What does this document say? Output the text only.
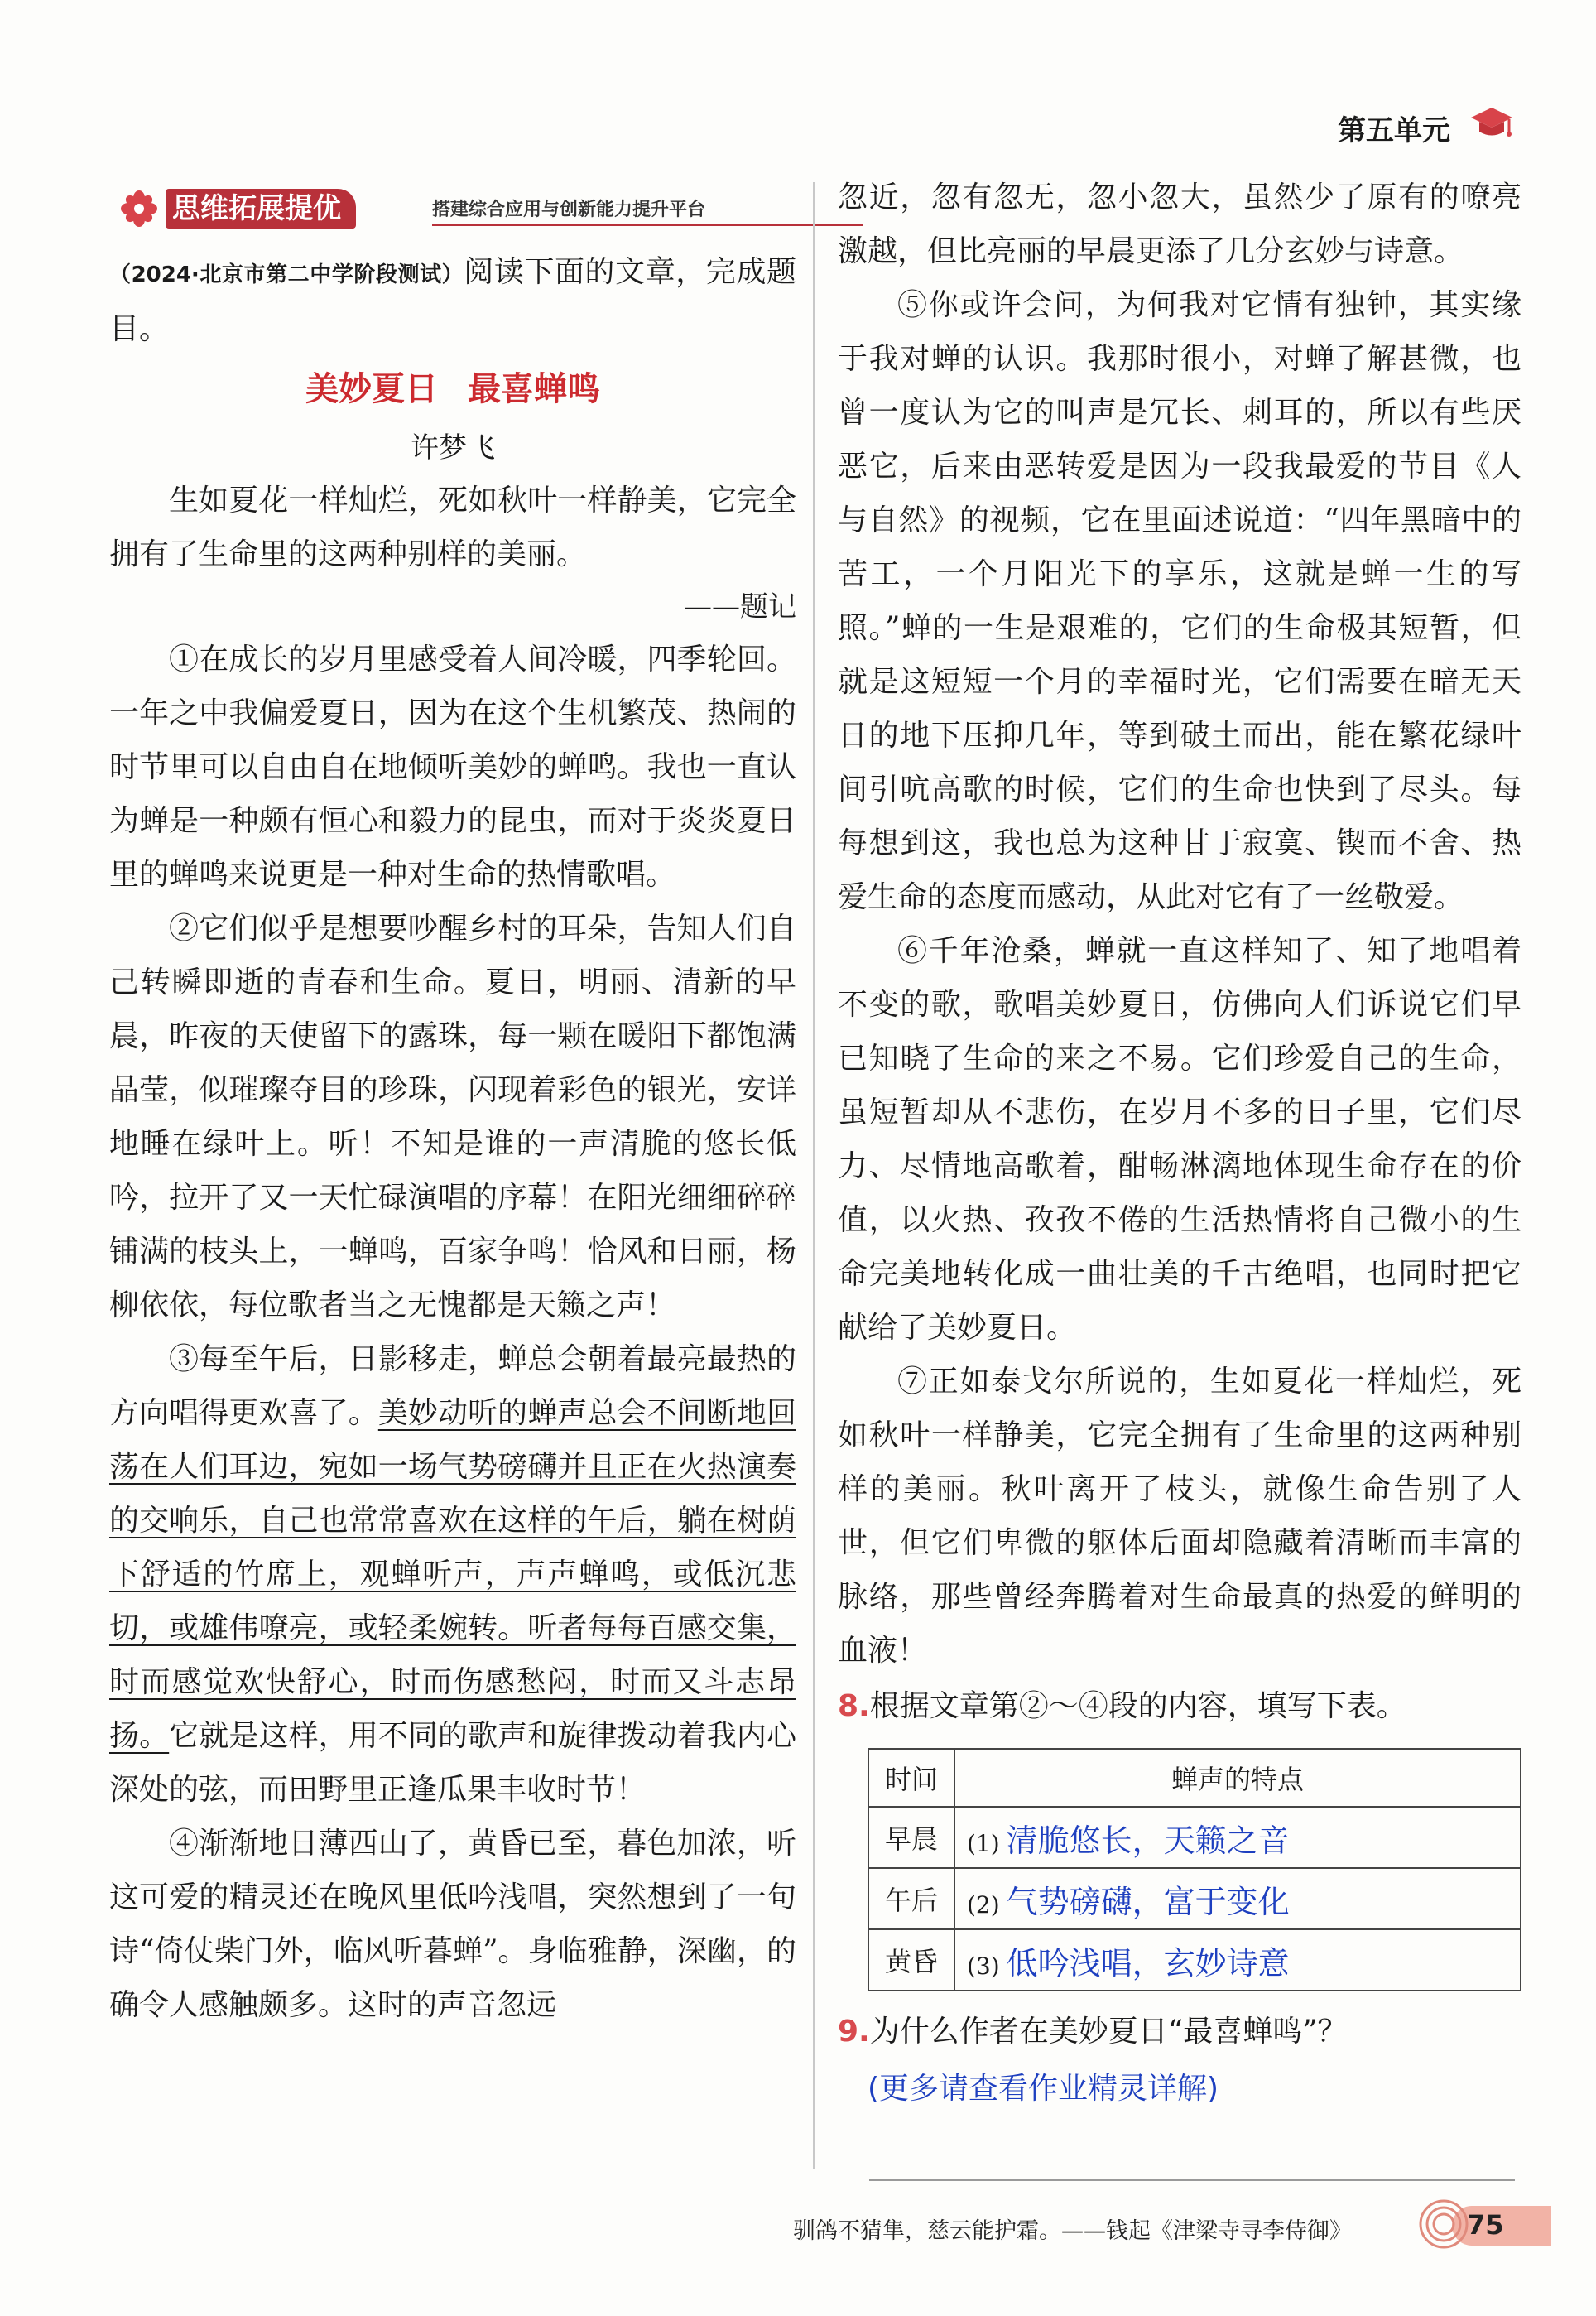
第五单元
思维拓展提优	搭建综合应用与创新能力提升平台

（2024·北京市第二中学阶段测试）阅读下面的文章，完成题目。

美妙夏日 最喜蝉鸣
许梦飞

生如夏花一样灿烂，死如秋叶一样静美，它完全拥有了生命里的这两种别样的美丽。

——题记

①在成长的岁月里感受着人间冷暖，四季轮回。一年之中我偏爱夏日，因为在这个生机繁茂、热闹的时节里可以自由自在地倾听美妙的蝉鸣。我也一直认为蝉是一种颇有恒心和毅力的昆虫，而对于炎炎夏日里的蝉鸣来说更是一种对生命的热情歌唱。

②它们似乎是想要吵醒乡村的耳朵，告知人们自己转瞬即逝的青春和生命。夏日，明丽、清新的早晨，昨夜的天使留下的露珠，每一颗在暖阳下都饱满晶莹，似璀璨夺目的珍珠，闪现着彩色的银光，安详地睡在绿叶上。听！不知是谁的一声清脆的悠长低吟，拉开了又一天忙碌演唱的序幕！在阳光细细碎碎铺满的枝头上，一蝉鸣，百家争鸣！恰风和日丽，杨柳依依，每位歌者当之无愧都是天籁之声！

③每至午后，日影移走，蝉总会朝着最亮最热的方向唱得更欢喜了。美妙动听的蝉声总会不间断地回荡在人们耳边，宛如一场气势磅礴并且正在火热演奏的交响乐，自己也常常喜欢在这样的午后，躺在树荫下舒适的竹席上，观蝉听声，声声蝉鸣，或低沉悲切，或雄伟嘹亮，或轻柔婉转。听者每每百感交集，时而感觉欢快舒心，时而伤感愁闷，时而又斗志昂扬。它就是这样，用不同的歌声和旋律拨动着我内心深处的弦，而田野里正逢瓜果丰收时节！

④渐渐地日薄西山了，黄昏已至，暮色加浓，听这可爱的精灵还在晚风里低吟浅唱，突然想到了一句诗“倚仗柴门外，临风听暮蝉”。身临雅静，深幽，的确令人感触颇多。这时的声音忽远

忽近，忽有忽无，忽小忽大，虽然少了原有的嘹亮激越，但比亮丽的早晨更添了几分玄妙与诗意。

⑤你或许会问，为何我对它情有独钟，其实缘于我对蝉的认识。我那时很小，对蝉了解甚微，也曾一度认为它的叫声是冗长、刺耳的，所以有些厌恶它，后来由恶转爱是因为一段我最爱的节目《人与自然》的视频，它在里面述说道：“四年黑暗中的苦工，一个月阳光下的享乐，这就是蝉一生的写照。”蝉的一生是艰难的，它们的生命极其短暂，但就是这短短一个月的幸福时光，它们需要在暗无天日的地下压抑几年，等到破土而出，能在繁花绿叶间引吭高歌的时候，它们的生命也快到了尽头。每每想到这，我也总为这种甘于寂寞、锲而不舍、热爱生命的态度而感动，从此对它有了一丝敬爱。

⑥千年沧桑，蝉就一直这样知了、知了地唱着不变的歌，歌唱美妙夏日，仿佛向人们诉说它们早已知晓了生命的来之不易。它们珍爱自己的生命，虽短暂却从不悲伤，在岁月不多的日子里，它们尽力、尽情地高歌着，酣畅淋漓地体现生命存在的价值，以火热、孜孜不倦的生活热情将自己微小的生命完美地转化成一曲壮美的千古绝唱，也同时把它献给了美妙夏日。

⑦正如泰戈尔所说的，生如夏花一样灿烂，死如秋叶一样静美，它完全拥有了生命里的这两种别样的美丽。秋叶离开了枝头，就像生命告别了人世，但它们卑微的躯体后面却隐藏着清晰而丰富的脉络，那些曾经奔腾着对生命最真的热爱的鲜明的血液！

8.根据文章第②～④段的内容，填写下表。

时间	蝉声的特点
早晨	(1) 清脆悠长，天籁之音
午后	(2) 气势磅礴，富于变化
黄昏	(3) 低吟浅唱，玄妙诗意

9.为什么作者在美妙夏日“最喜蝉鸣”？

(更多请查看作业精灵详解)
驯鸽不猜隼，慈云能护霜。——钱起《津梁寺寻李侍御》	75
